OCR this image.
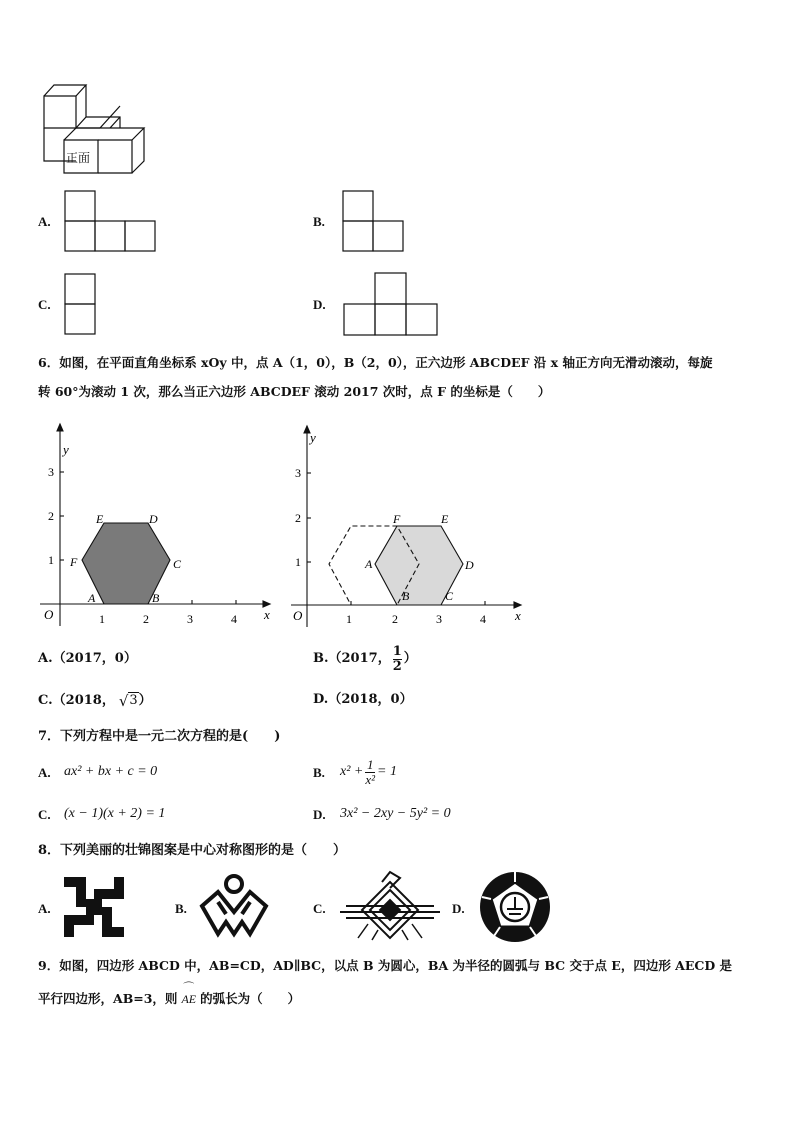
正面
A.	B.
C.	D.
6．如图，在平面直角坐标系 xOy 中，点 A（1，0），B（2，0），正六边形 ABCDEF 沿 x 轴正方向无滑动滚动，每旋
转 60°为滚动 1 次，那么当正六边形 ABCDEF 滚动 2017 次时，点 F 的坐标是（　　）
y
x
O	1	2	3	4
1
2
3
A	B
C
D
E
F
y
x
O	1	2	3	4
1
2
3
A
B	C
D
E
F
A.（2017，0）	B.（2017， $\frac{1}{2}$ ）
C.（2018， √ 3 ）	D.（2018，0）
7．下列方程中是一元二次方程的是(　　)
A. ax² + bx + c = 0	B. $x^2 + \frac{1}{\text{x²}} = 1$
C. (x − 1)(x + 2) = 1	D. 3x² − 2xy − 5y² = 0
8．下列美丽的壮锦图案是中心对称图形的是（　　）
A.	B.	C.	D.
9．如图，四边形 ABCD 中，AB=CD，AD∥BC，以点 B 为圆心，BA 为半径的圆弧与 BC 交于点 E，四边形 AECD 是
平行四边形，AB=3，则
⌒
AE 的弧长为（　　）
